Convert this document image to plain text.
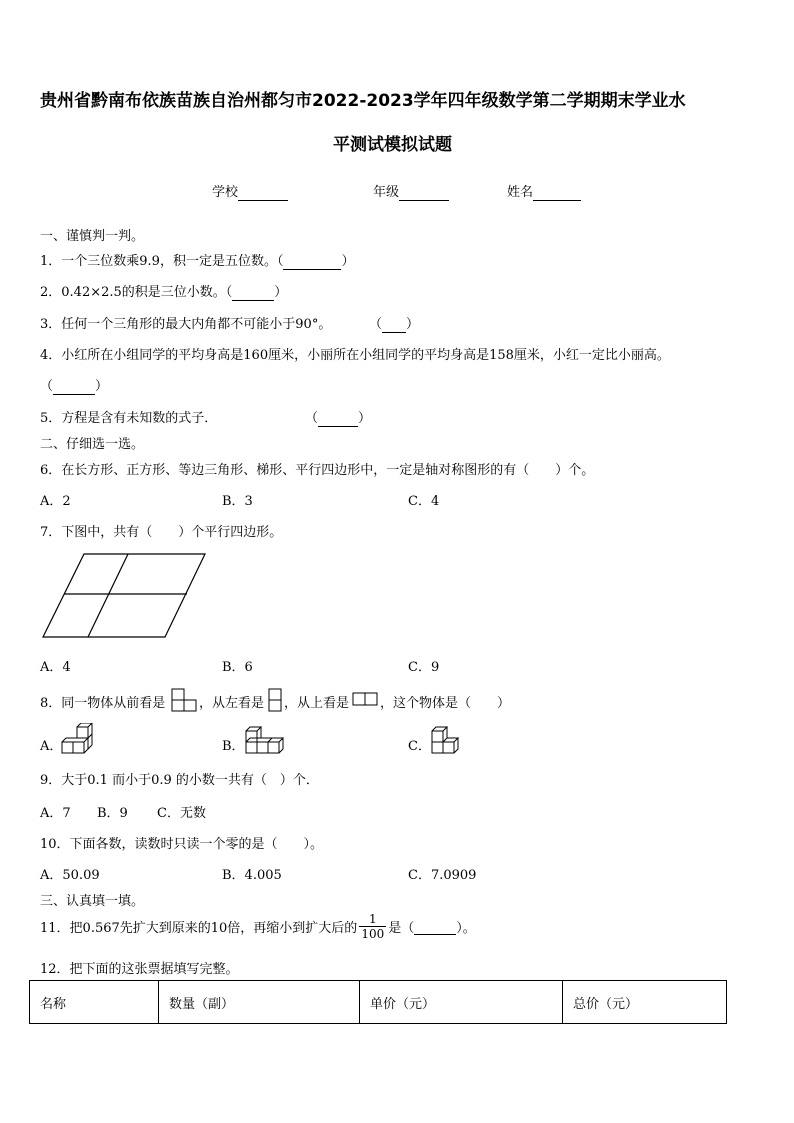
贵州省黔南布依族苗族自治州都匀市2022-2023学年四年级数学第二学期期末学业水
平测试模拟试题
学校	年级	姓名
一、谨慎判一判。
1．一个三位数乘9.9，积一定是五位数。（	）
2．0.42×2.5的积是三位小数。（	）
3．任何一个三角形的最大内角都不可能小于90°。	（ ）
4．小红所在小组同学的平均身高是160厘米，小丽所在小组同学的平均身高是158厘米，小红一定比小丽高。
（	）
5．方程是含有未知数的式子．	（	）
二、仔细选一选。
6．在长方形、正方形、等边三角形、梯形、平行四边形中，一定是轴对称图形的有（　　）个。
A．2	B．3	C．4
7．下图中，共有（　　）个平行四边形。
A．4	B．6	C．9
8．同一物体从前看是	，从左看是 ，从上看是 ，这个物体是（　　）
A．	B．	C．
9．大于0.1 而小于0.9 的小数一共有（　）个．
A．7 B．9 C．无数
10．下面各数，读数时只读一个零的是（　　）。
A．50.09	B．4.005	C．7.0909
三、认真填一填。
11．把0.567先扩大到原来的10倍，再缩小到扩大后的 $\frac{1}{100}$ 是（
	）。
12．把下面的这张票据填写完整。
名称	数量（副）	单价（元）	总价（元）
